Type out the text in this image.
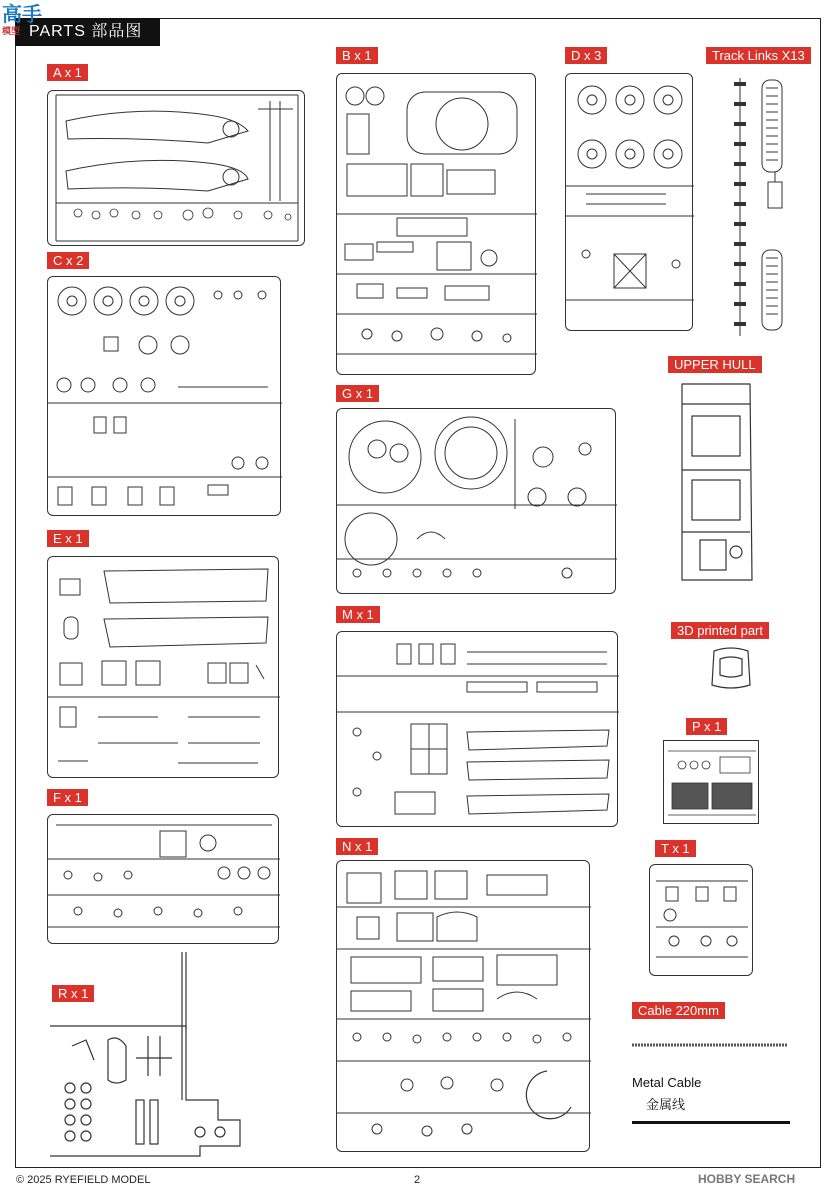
PARTS 部品图
高手
模型
A x 1
B x 1	D x 3	Track Links X13
C x 2
G x 1
UPPER HULL
E x 1
3D printed part
M x 1
P x 1
F x 1
N x 1	T x 1
R x 1
Cable 220mm
Metal Cable
金属线
© 2025 RYEFIELD MODEL	2	HOBBY SEARCH
